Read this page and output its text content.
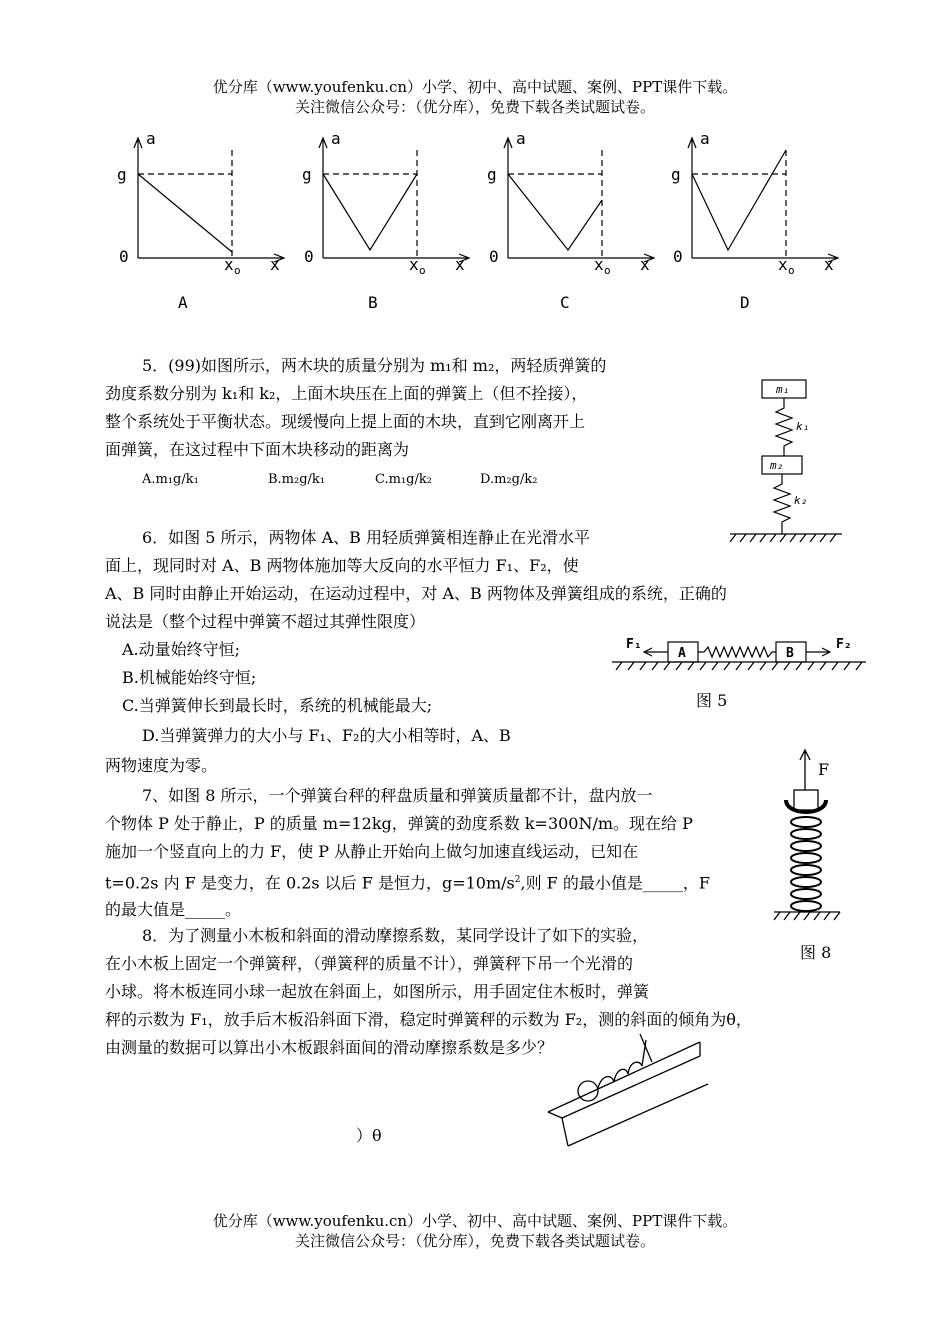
优分库（www.youfenku.cn）小学、初中、高中试题、案例、PPT课件下载。
关注微信公众号：（优分库），免费下载各类试题试卷。
a
g
0	x o x
a
g
0	x o x
a
g
0	x o x
a
g
0	x o x
A	B	C	D
5．(99)如图所示，两木块的质量分别为 m₁和 m₂，两轻质弹簧的
劲度系数分别为 k₁和 k₂，上面木块压在上面的弹簧上（但不拴接），
整个系统处于平衡状态。现缓慢向上提上面的木块，直到它刚离开上
面弹簧，在这过程中下面木块移动的距离为
A.m₁g/k₁	B.m₂g/k₁	C.m₁g/k₂	D.m₂g/k₂
m₁
k₁
m₂
k₂
6．如图 5 所示，两物体 A、B 用轻质弹簧相连静止在光滑水平
面上，现同时对 A、B 两物体施加等大反向的水平恒力 F₁、F₂，使
A、B 同时由静止开始运动，在运动过程中，对 A、B 两物体及弹簧组成的系统，正确的
说法是（整个过程中弹簧不超过其弹性限度）
A.动量始终守恒;
B.机械能始终守恒;
C.当弹簧伸长到最长时，系统的机械能最大;
D.当弹簧弹力的大小与 F₁、F₂的大小相等时，A、B
两物速度为零。
F₁
A	B
F₂
图 5
7、如图 8 所示，一个弹簧台秤的秤盘质量和弹簧质量都不计，盘内放一
个物体 P 处于静止，P 的质量 m=12kg，弹簧的劲度系数 k=300N/m。现在给 P
施加一个竖直向上的力 F，使 P 从静止开始向上做匀加速直线运动，已知在
t=0.2s 内 F 是变力，在 0.2s 以后 F 是恒力，$g=10m/s^2$,则 F 的最小值是_____，F
的最大值是_____。
F
图 8
8．为了测量小木板和斜面的滑动摩擦系数，某同学设计了如下的实验，
在小木板上固定一个弹簧秤，（弹簧秤的质量不计），弹簧秤下吊一个光滑的
小球。将木板连同小球一起放在斜面上，如图所示，用手固定住木板时，弹簧
秤的示数为 F₁，放手后木板沿斜面下滑，稳定时弹簧秤的示数为 F₂，测的斜面的倾角为θ，
由测量的数据可以算出小木板跟斜面间的滑动摩擦系数是多少？
）θ
优分库（www.youfenku.cn）小学、初中、高中试题、案例、PPT课件下载。
关注微信公众号：（优分库），免费下载各类试题试卷。
